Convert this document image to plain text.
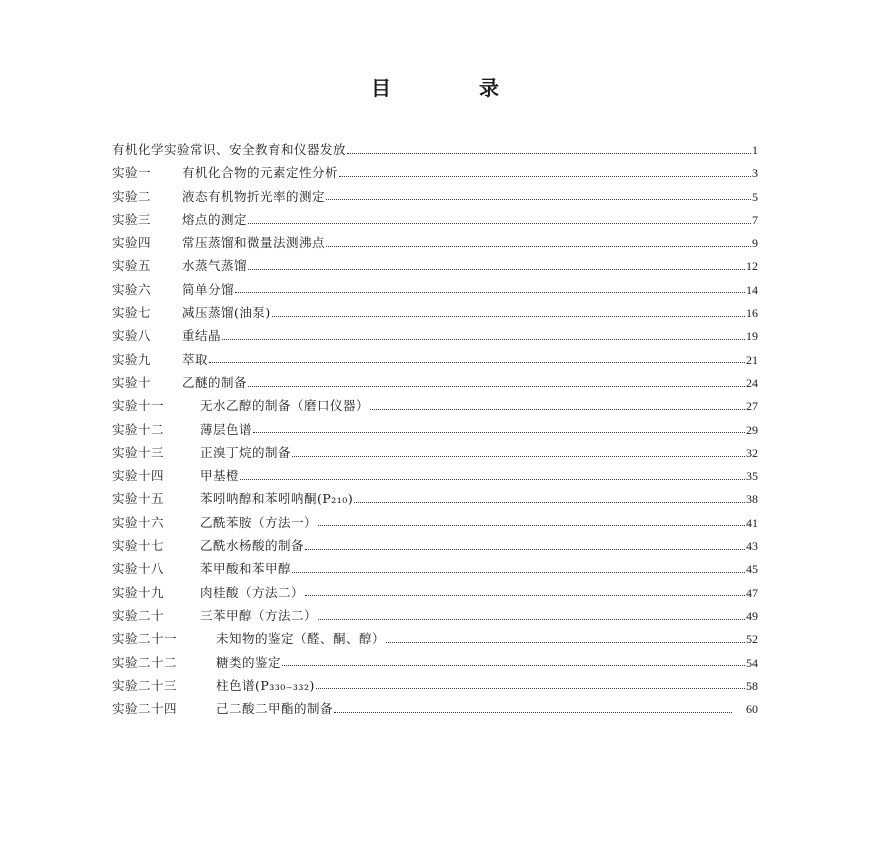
目　录
有机化学实验常识、安全教育和仪器发放	1
实验一	有机化合物的元素定性分析	3
实验二	液态有机物折光率的测定	5
实验三	熔点的测定	7
实验四	常压蒸馏和微量法测沸点	9
实验五	水蒸气蒸馏	12
实验六	简单分馏	14
实验七	减压蒸馏(油泵)	16
实验八	重结晶	19
实验九	萃取	21
实验十	乙醚的制备	24
实验十一	无水乙醇的制备（磨口仪器）	27
实验十二	薄层色谱	29
实验十三	正溴丁烷的制备	32
实验十四	甲基橙	35
实验十五	苯吲呐醇和苯吲呐酮(P₂₁₀)	38
实验十六	乙酰苯胺（方法一）	41
实验十七	乙酰水杨酸的制备	43
实验十八	苯甲酸和苯甲醇	45
实验十九	肉桂酸（方法二）	47
实验二十	三苯甲醇（方法二）	49
实验二十一	未知物的鉴定（醛、酮、醇）	52
实验二十二	糖类的鉴定	54
实验二十三	柱色谱(P₃₃₀₋₃₃₂)	58
实验二十四	己二酸二甲酯的制备	60
